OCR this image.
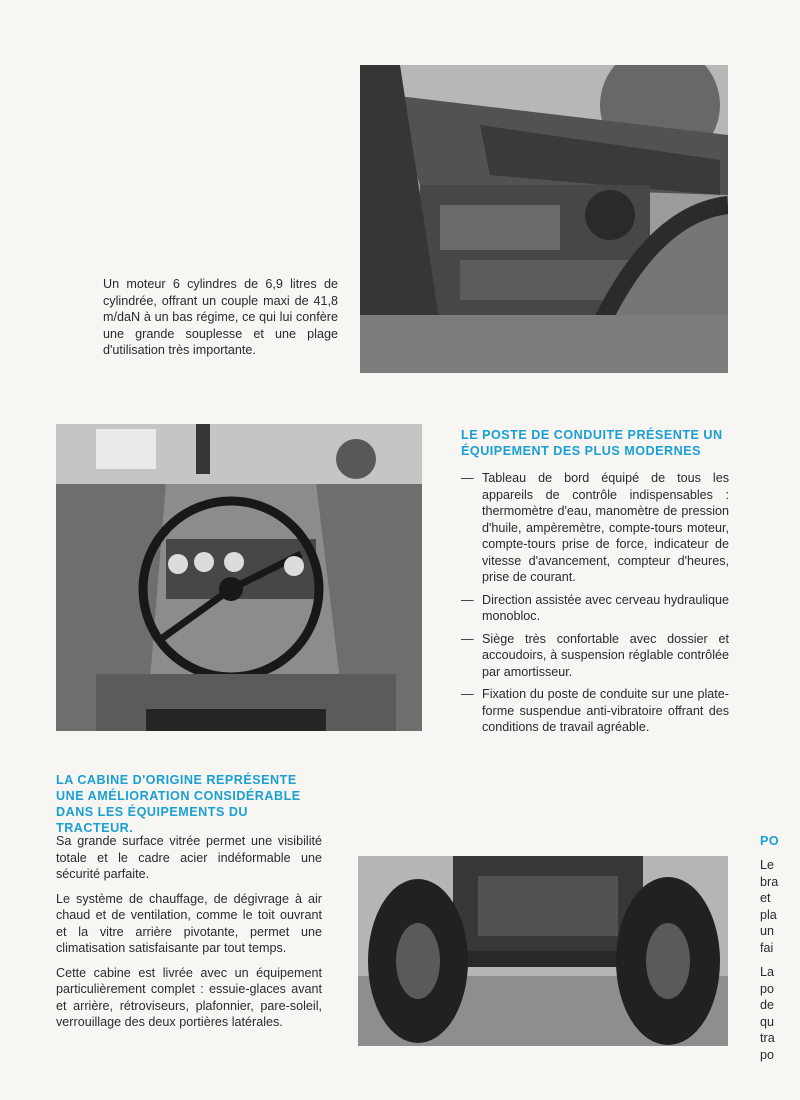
Un moteur 6 cylindres de 6,9 litres de cylindrée, offrant un couple maxi de 41,8 m/daN à un bas régime, ce qui lui confère une grande souplesse et une plage d'utilisation très importante.
LE POSTE DE CONDUITE PRÉSENTE UN ÉQUIPEMENT DES PLUS MODERNES
— Tableau de bord équipé de tous les appareils de contrôle indispensables : thermomètre d'eau, manomètre de pression d'huile, ampèremètre, compte-tours moteur, compte-tours prise de force, indicateur de vitesse d'avancement, compteur d'heures, prise de courant.
— Direction assistée avec cerveau hydraulique monobloc.
— Siège très confortable avec dossier et accoudoirs, à suspension réglable contrôlée par amortisseur.
— Fixation du poste de conduite sur une plate-forme suspendue anti-vibratoire offrant des conditions de travail agréable.
LA CABINE D'ORIGINE REPRÉSENTE UNE AMÉLIORATION CONSIDÉRABLE DANS LES ÉQUIPEMENTS DU TRACTEUR.

Sa grande surface vitrée permet une visibilité totale et le cadre acier indéformable une sécurité parfaite.

Le système de chauffage, de dégivrage à air chaud et de ventilation, comme le toit ouvrant et la vitre arrière pivotante, permet une climatisation satisfaisante par tout temps.

Cette cabine est livrée avec un équipement particulièrement complet : essuie-glaces avant et arrière, rétroviseurs, plafonnier, pare-soleil, verrouillage des deux portières latérales.

PO
Le
bra
et
pla
un
fai
La
po
de
qu
tra
po
